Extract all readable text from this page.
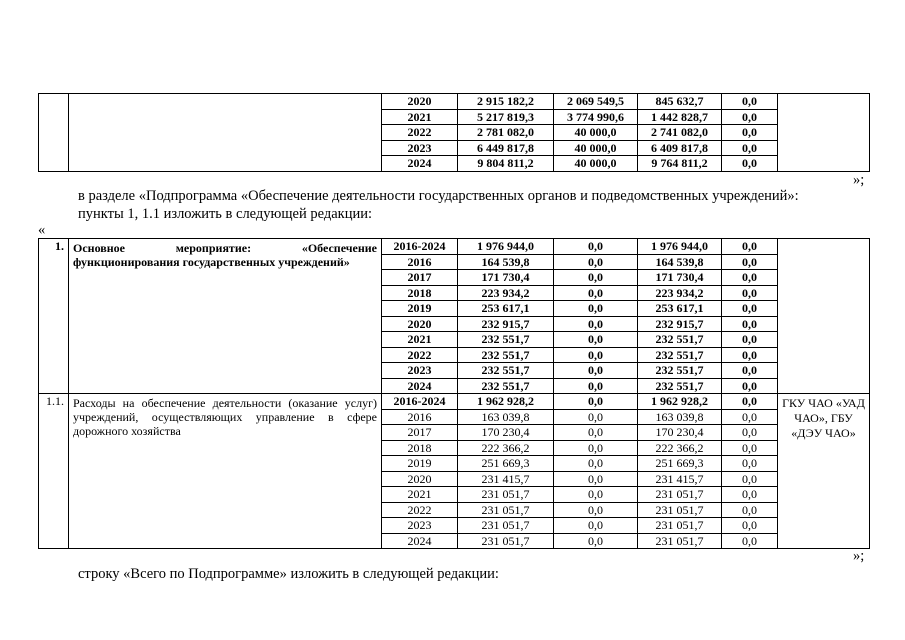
		2020	2 915 182,2	2 069 549,5	845 632,7	0,0	
		2021	5 217 819,3	3 774 990,6	1 442 828,7	0,0	
		2022	2 781 082,0	40 000,0	2 741 082,0	0,0	
		2023	6 449 817,8	40 000,0	6 409 817,8	0,0	
		2024	9 804 811,2	40 000,0	9 764 811,2	0,0	
»;
в разделе «Подпрограмма «Обеспечение деятельности государственных органов и подведомственных учреждений»:
пункты 1, 1.1 изложить в следующей редакции:
«
1.	Основное мероприятие: «Обеспечение функционирования государственных учреждений»	2016-2024	1 976 944,0	0,0	1 976 944,0	0,0	
		2016	164 539,8	0,0	164 539,8	0,0	
		2017	171 730,4	0,0	171 730,4	0,0	
		2018	223 934,2	0,0	223 934,2	0,0	
		2019	253 617,1	0,0	253 617,1	0,0	
		2020	232 915,7	0,0	232 915,7	0,0	
		2021	232 551,7	0,0	232 551,7	0,0	
		2022	232 551,7	0,0	232 551,7	0,0	
		2023	232 551,7	0,0	232 551,7	0,0	
		2024	232 551,7	0,0	232 551,7	0,0	
1.1.	Расходы на обеспечение деятельности (оказание услуг) учреждений, осуществляющих управление в сфере дорожного хозяйства	2016-2024	1 962 928,2	0,0	1 962 928,2	0,0	ГКУ ЧАО «УАД ЧАО», ГБУ «ДЭУ ЧАО»
		2016	163 039,8	0,0	163 039,8	0,0	
		2017	170 230,4	0,0	170 230,4	0,0	
		2018	222 366,2	0,0	222 366,2	0,0	
		2019	251 669,3	0,0	251 669,3	0,0	
		2020	231 415,7	0,0	231 415,7	0,0	
		2021	231 051,7	0,0	231 051,7	0,0	
		2022	231 051,7	0,0	231 051,7	0,0	
		2023	231 051,7	0,0	231 051,7	0,0	
		2024	231 051,7	0,0	231 051,7	0,0	
»;
строку «Всего по Подпрограмме» изложить в следующей редакции:
